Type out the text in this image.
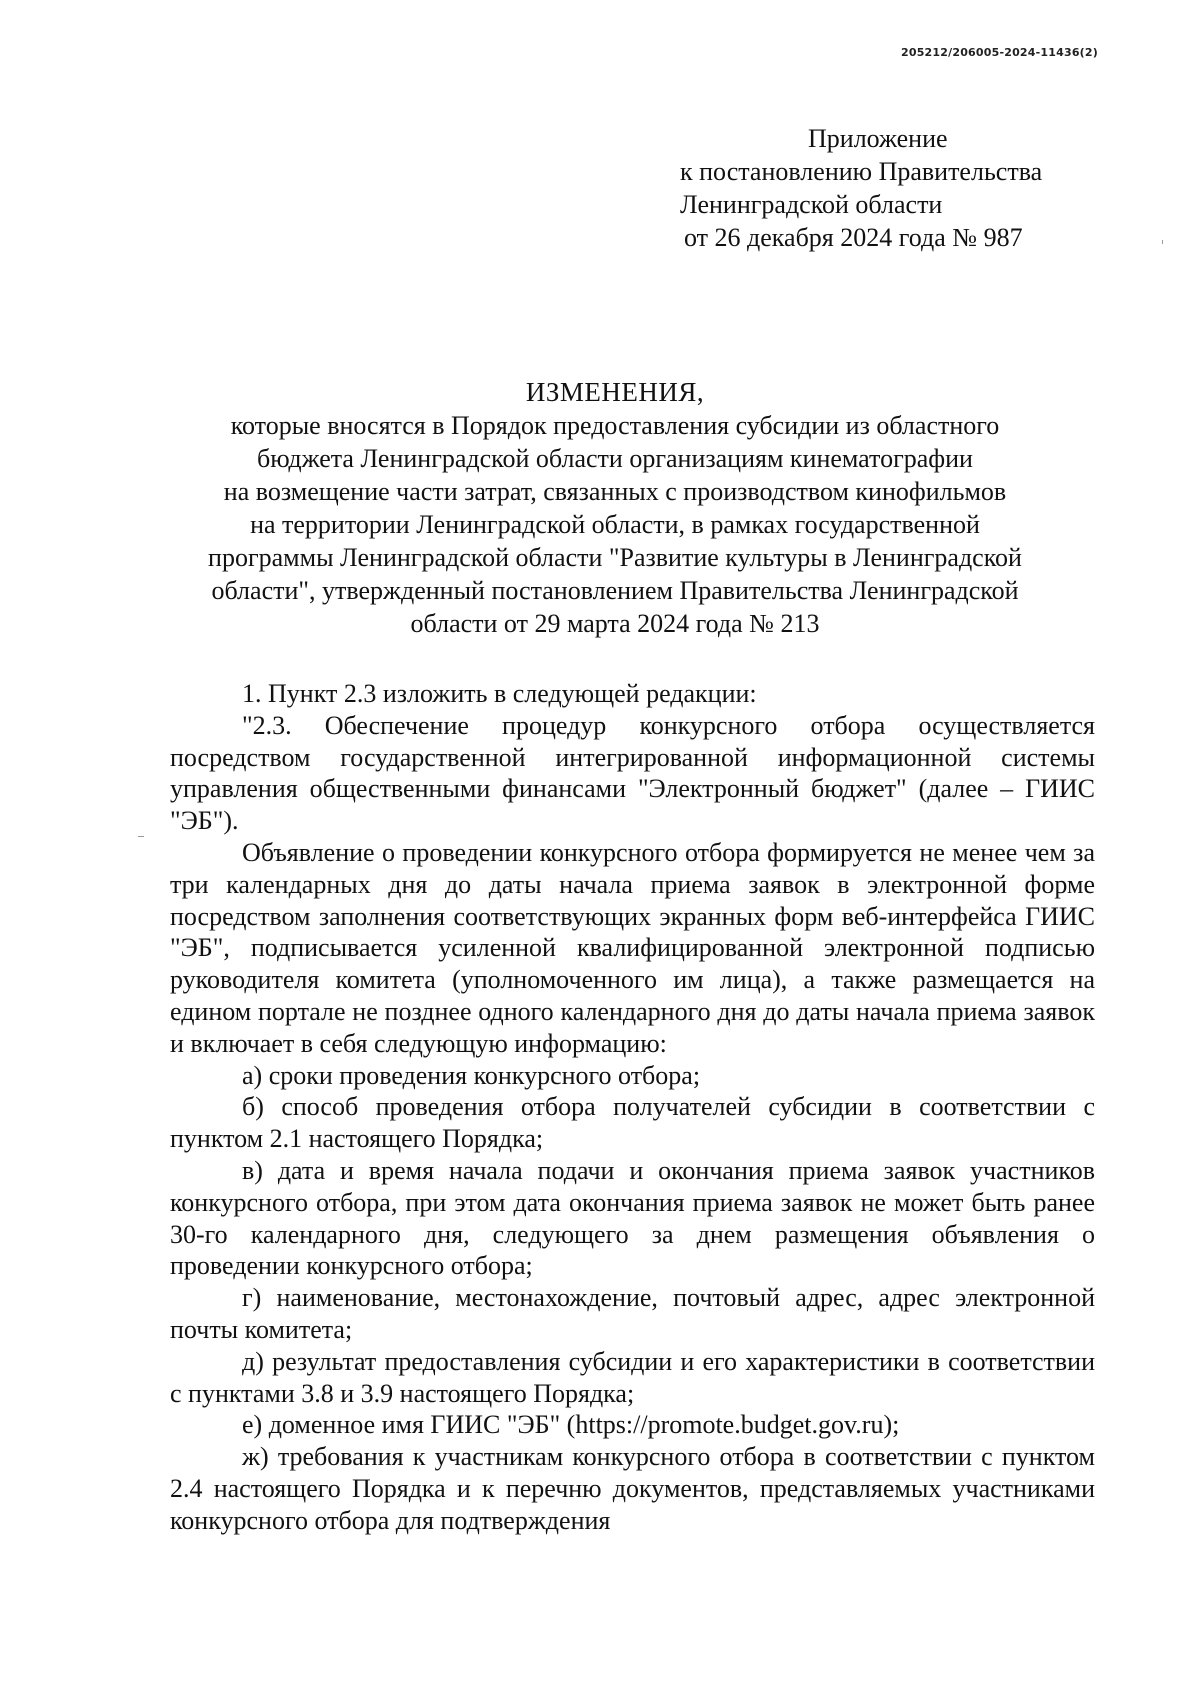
205212/206005-2024-11436(2)
Приложение
к постановлению Правительства
Ленинградской области
от 26 декабря 2024 года № 987
ИЗМЕНЕНИЯ,
которые вносятся в Порядок предоставления субсидии из областного
бюджета Ленинградской области организациям кинематографии
на возмещение части затрат, связанных с производством кинофильмов
на территории Ленинградской области, в рамках государственной
программы Ленинградской области "Развитие культуры в Ленинградской
области", утвержденный постановлением Правительства Ленинградской
области от 29 марта 2024 года № 213

1. Пункт 2.3 изложить в следующей редакции:

"2.3. Обеспечение процедур конкурсного отбора осуществляется посредством государственной интегрированной информационной системы управления общественными финансами "Электронный бюджет" (далее – ГИИС "ЭБ").

Объявление о проведении конкурсного отбора формируется не менее чем за три календарных дня до даты начала приема заявок в электронной форме посредством заполнения соответствующих экранных форм веб-интерфейса ГИИС "ЭБ", подписывается усиленной квалифицированной электронной подписью руководителя комитета (уполномоченного им лица), а также размещается на едином портале не позднее одного календарного дня до даты начала приема заявок и включает в себя следующую информацию:

а) сроки проведения конкурсного отбора;

б) способ проведения отбора получателей субсидии в соответствии с пунктом 2.1 настоящего Порядка;

в) дата и время начала подачи и окончания приема заявок участников конкурсного отбора, при этом дата окончания приема заявок не может быть ранее 30-го календарного дня, следующего за днем размещения объявления о проведении конкурсного отбора;

г) наименование, местонахождение, почтовый адрес, адрес электронной почты комитета;

д) результат предоставления субсидии и его характеристики в соответствии с пунктами 3.8 и 3.9 настоящего Порядка;

е) доменное имя ГИИС "ЭБ" (https://promote.budget.gov.ru);

ж) требования к участникам конкурсного отбора в соответствии с пунктом 2.4 настоящего Порядка и к перечню документов, представляемых участниками конкурсного отбора для подтверждения
